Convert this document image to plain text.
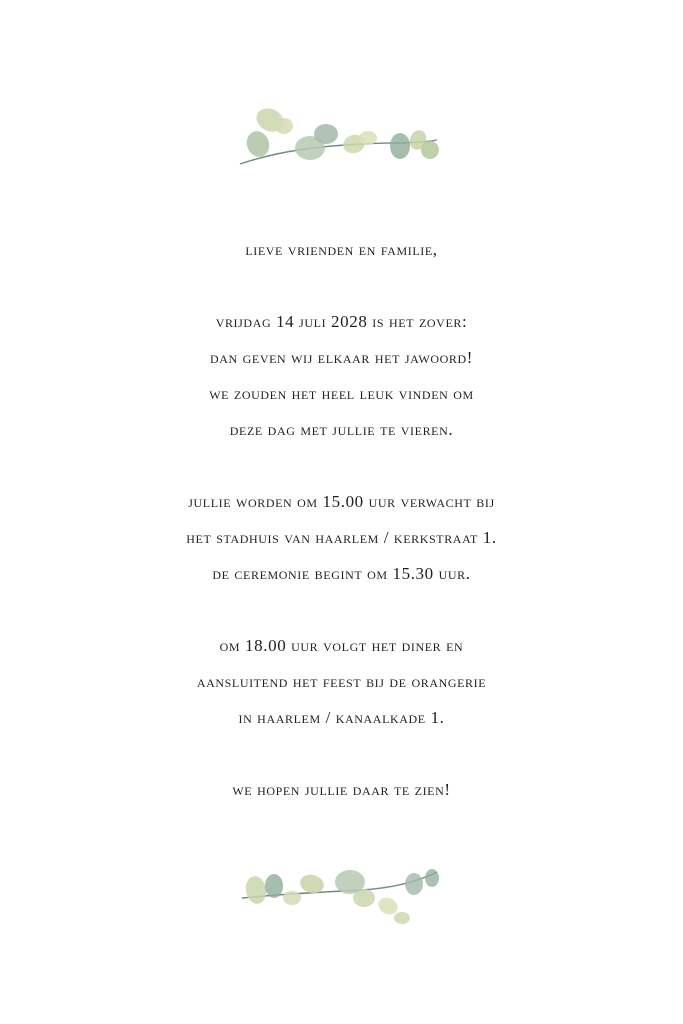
lieve vrienden en familie,
vrijdag 14 juli 2028 is het zover:
dan geven wij elkaar het jawoord!
we zouden het heel leuk vinden om
deze dag met jullie te vieren.
jullie worden om 15.00 uur verwacht bij
het stadhuis van haarlem / kerkstraat 1.
de ceremonie begint om 15.30 uur.
om 18.00 uur volgt het diner en
aansluitend het feest bij de orangerie
in haarlem / kanaalkade 1.
we hopen jullie daar te zien!
